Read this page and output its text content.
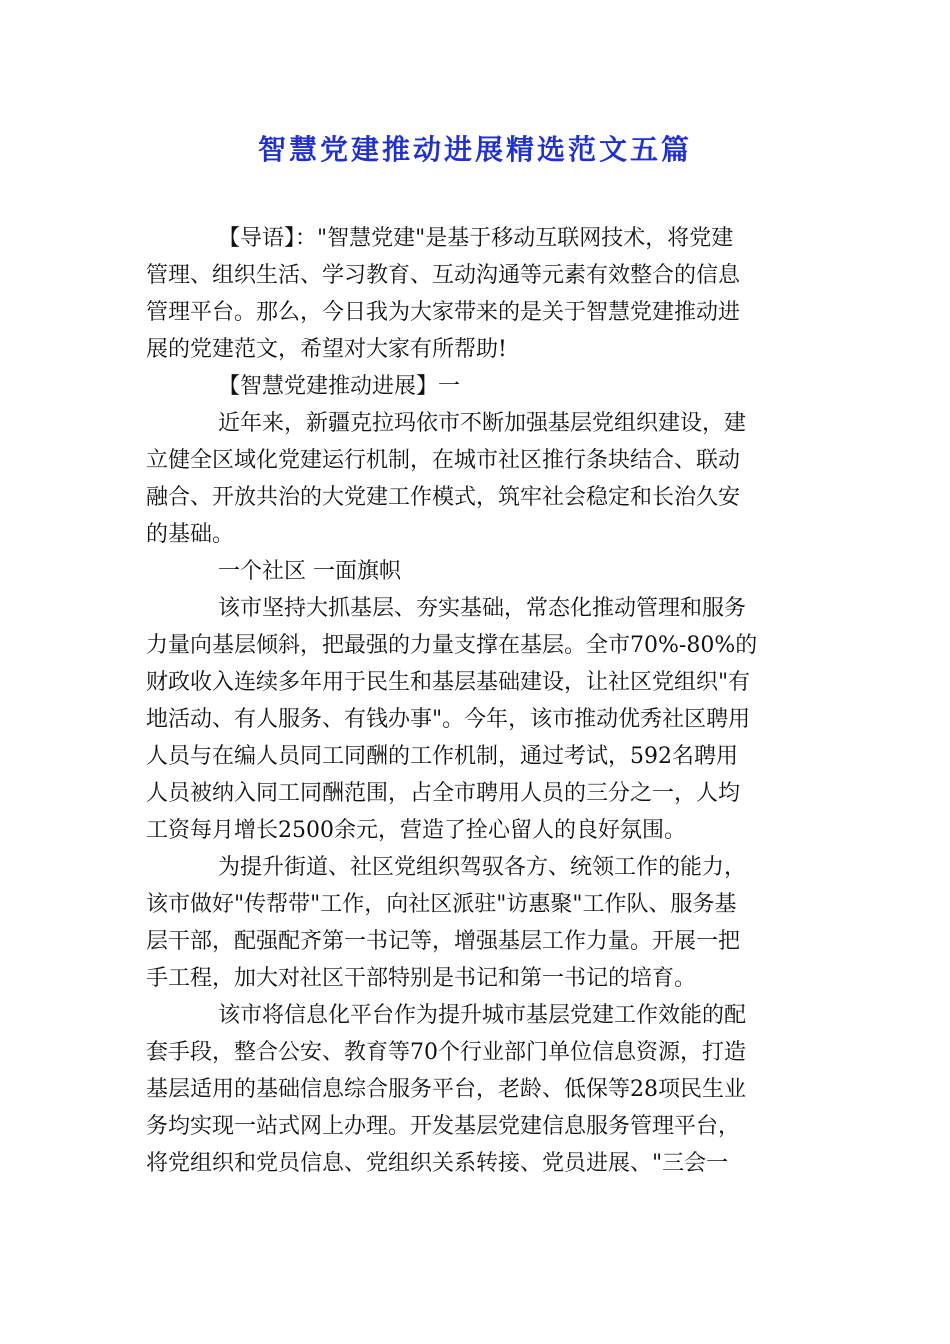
智慧党建推动进展精选范文五篇
【导语】："智慧党建"是基于移动互联网技术，将党建
管理、组织生活、学习教育、互动沟通等元素有效整合的信息
管理平台。那么，今日我为大家带来的是关于智慧党建推动进
展的党建范文，希望对大家有所帮助!
【智慧党建推动进展】一
近年来，新疆克拉玛依市不断加强基层党组织建设，建
立健全区域化党建运行机制，在城市社区推行条块结合、联动
融合、开放共治的大党建工作模式，筑牢社会稳定和长治久安
的基础。
一个社区 一面旗帜
该市坚持大抓基层、夯实基础，常态化推动管理和服务
力量向基层倾斜，把最强的力量支撑在基层。全市70%-80%的
财政收入连续多年用于民生和基层基础建设，让社区党组织"有
地活动、有人服务、有钱办事"。今年，该市推动优秀社区聘用
人员与在编人员同工同酬的工作机制，通过考试，592名聘用
人员被纳入同工同酬范围，占全市聘用人员的三分之一，人均
工资每月增长2500余元，营造了拴心留人的良好氛围。
为提升街道、社区党组织驾驭各方、统领工作的能力，
该市做好"传帮带"工作，向社区派驻"访惠聚"工作队、服务基
层干部，配强配齐第一书记等，增强基层工作力量。开展一把
手工程，加大对社区干部特别是书记和第一书记的培育。
该市将信息化平台作为提升城市基层党建工作效能的配
套手段，整合公安、教育等70个行业部门单位信息资源，打造
基层适用的基础信息综合服务平台，老龄、低保等28项民生业
务均实现一站式网上办理。开发基层党建信息服务管理平台，
将党组织和党员信息、党组织关系转接、党员进展、"三会一
